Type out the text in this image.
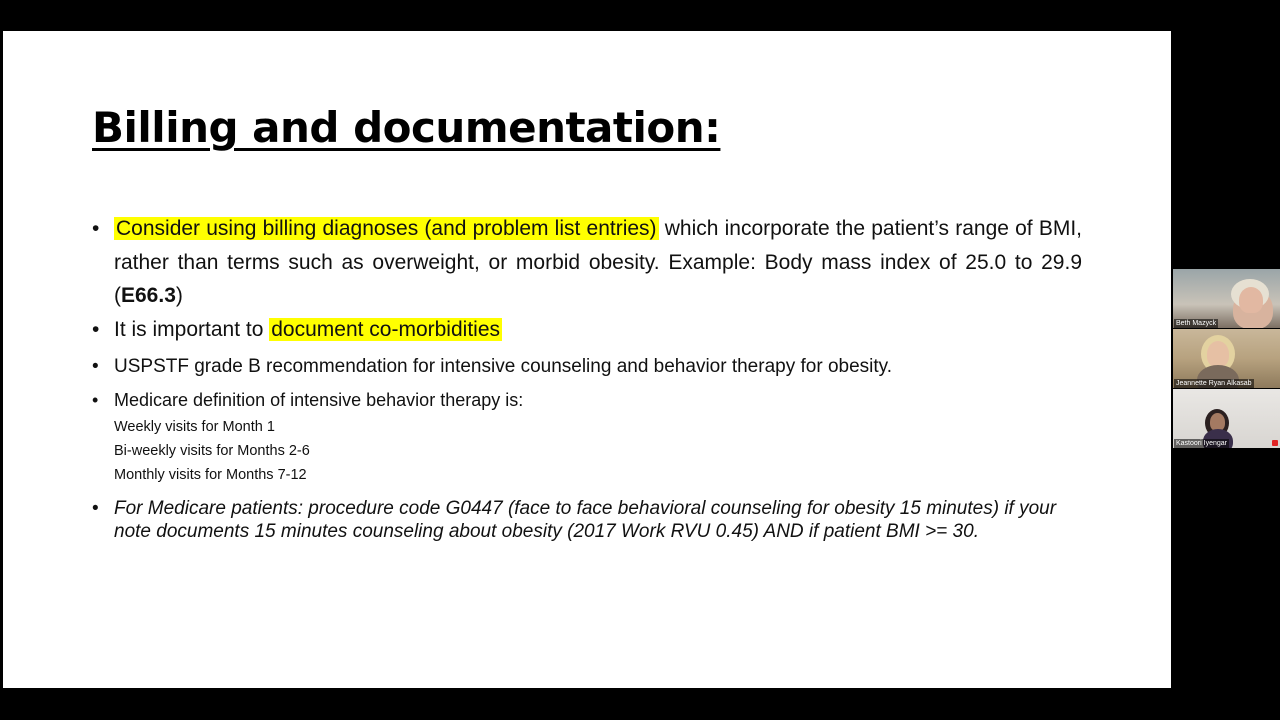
Billing and documentation:
• Consider using billing diagnoses (and problem list entries) which incorporate the patient’s range of BMI, rather than terms such as overweight, or morbid obesity. Example: Body mass index of 25.0 to 29.9 (E66.3)
• It is important to document co-morbidities
• USPSTF grade B recommendation for intensive counseling and behavior therapy for obesity.
• Medicare definition of intensive behavior therapy is:
Weekly visits for Month 1
Bi-weekly visits for Months 2-6
Monthly visits for Months 7-12
• For Medicare patients: procedure code G0447 (face to face behavioral counseling for obesity 15 minutes) if your note documents 15 minutes counseling about obesity (2017 Work RVU 0.45) AND if patient BMI >= 30.
Beth Mazyck
Jeannette Ryan Alkasab
Kastoori Iyengar
